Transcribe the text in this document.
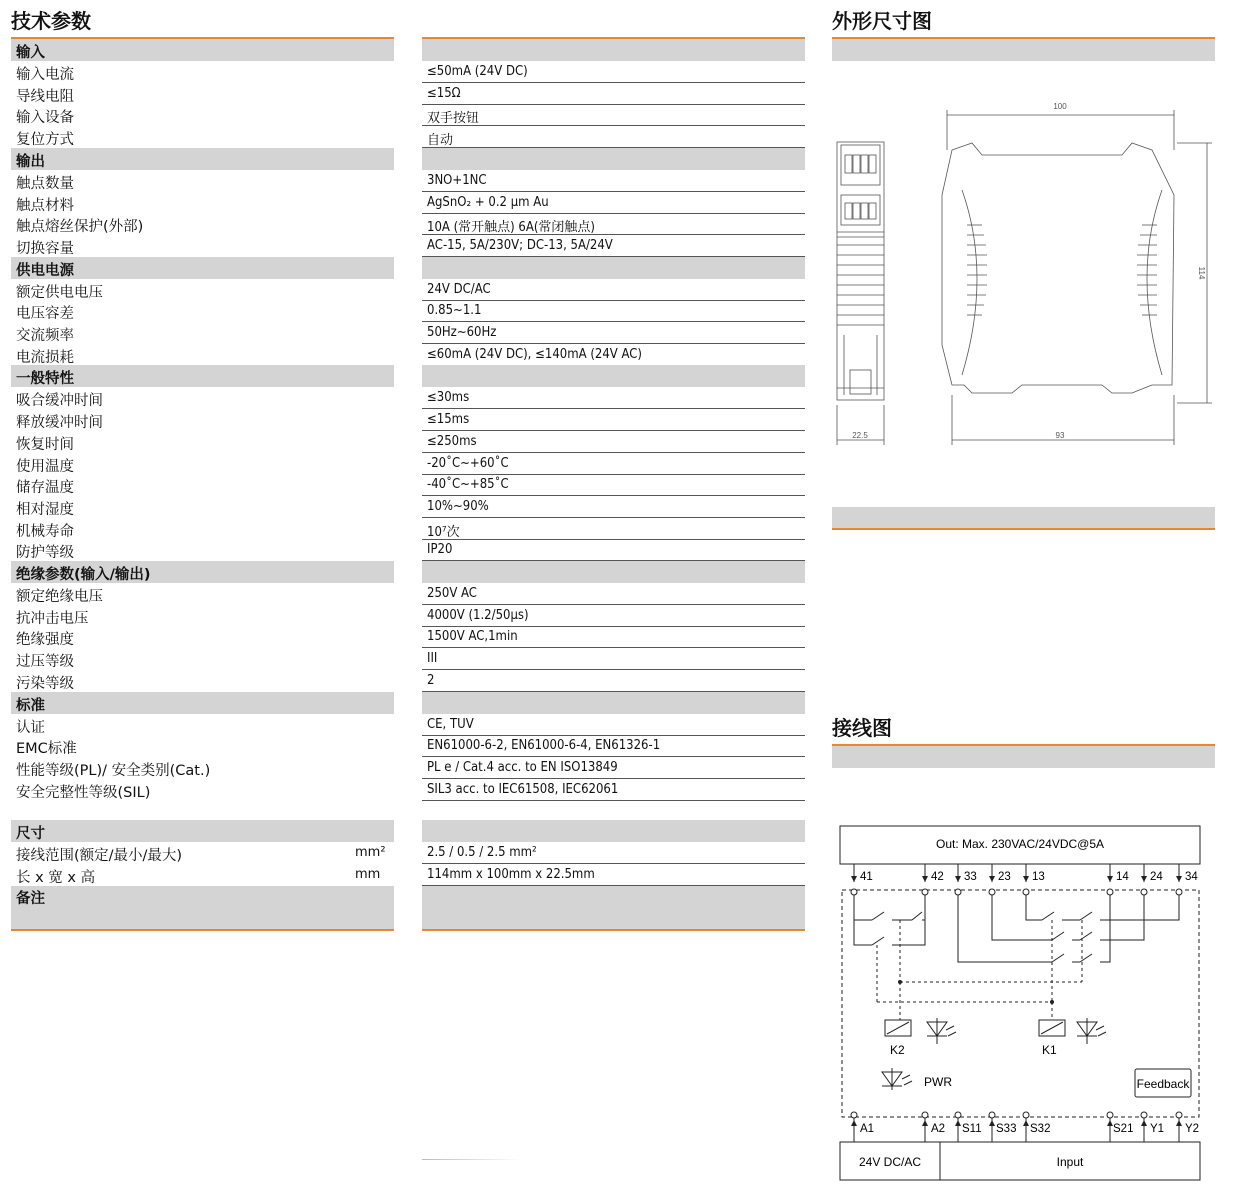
技术参数
输入
输入电流	≤50mA (24V DC)
导线电阻	≤15Ω
输入设备	双手按钮
复位方式	自动
输出
触点数量	3NO+1NC
触点材料	AgSnO₂ + 0.2 μm Au
触点熔丝保护(外部)	10A (常开触点) 6A(常闭触点)
切换容量	AC-15, 5A/230V; DC-13, 5A/24V
供电电源
额定供电电压	24V DC/AC
电压容差	0.85~1.1
交流频率	50Hz~60Hz
电流损耗	≤60mA (24V DC), ≤140mA (24V AC)
一般特性
吸合缓冲时间	≤30ms
释放缓冲时间	≤15ms
恢复时间	≤250ms
使用温度	-20˚C~+60˚C
储存温度	-40˚C~+85˚C
相对湿度	10%~90%
机械寿命	10⁷次
防护等级	IP20
绝缘参数(输入/输出)
额定绝缘电压	250V AC
抗冲击电压	4000V (1.2/50μs)
绝缘强度	1500V AC,1min
过压等级	III
污染等级	2
标准
认证	CE, TUV
EMC标准	EN61000-6-2, EN61000-6-4, EN61326-1
性能等级(PL)/ 安全类别(Cat.)	PL e / Cat.4 acc. to EN ISO13849
安全完整性等级(SIL)	SIL3 acc. to IEC61508, IEC62061
尺寸
接线范围(额定/最小/最大)	mm²	2.5 / 0.5 / 2.5 mm²
长 x 宽 x 高	mm	114mm x 100mm x 22.5mm
备注
外形尺寸图
100
114
22.5	93
接线图
Out: Max. 230VAC/24VDC@5A
41	42 33 23 13	14 24 34
A1	A2 S11 S33 S32	S21 Y1 Y2
K2	K1
PWR	Feedback
24V DC/AC	Input
